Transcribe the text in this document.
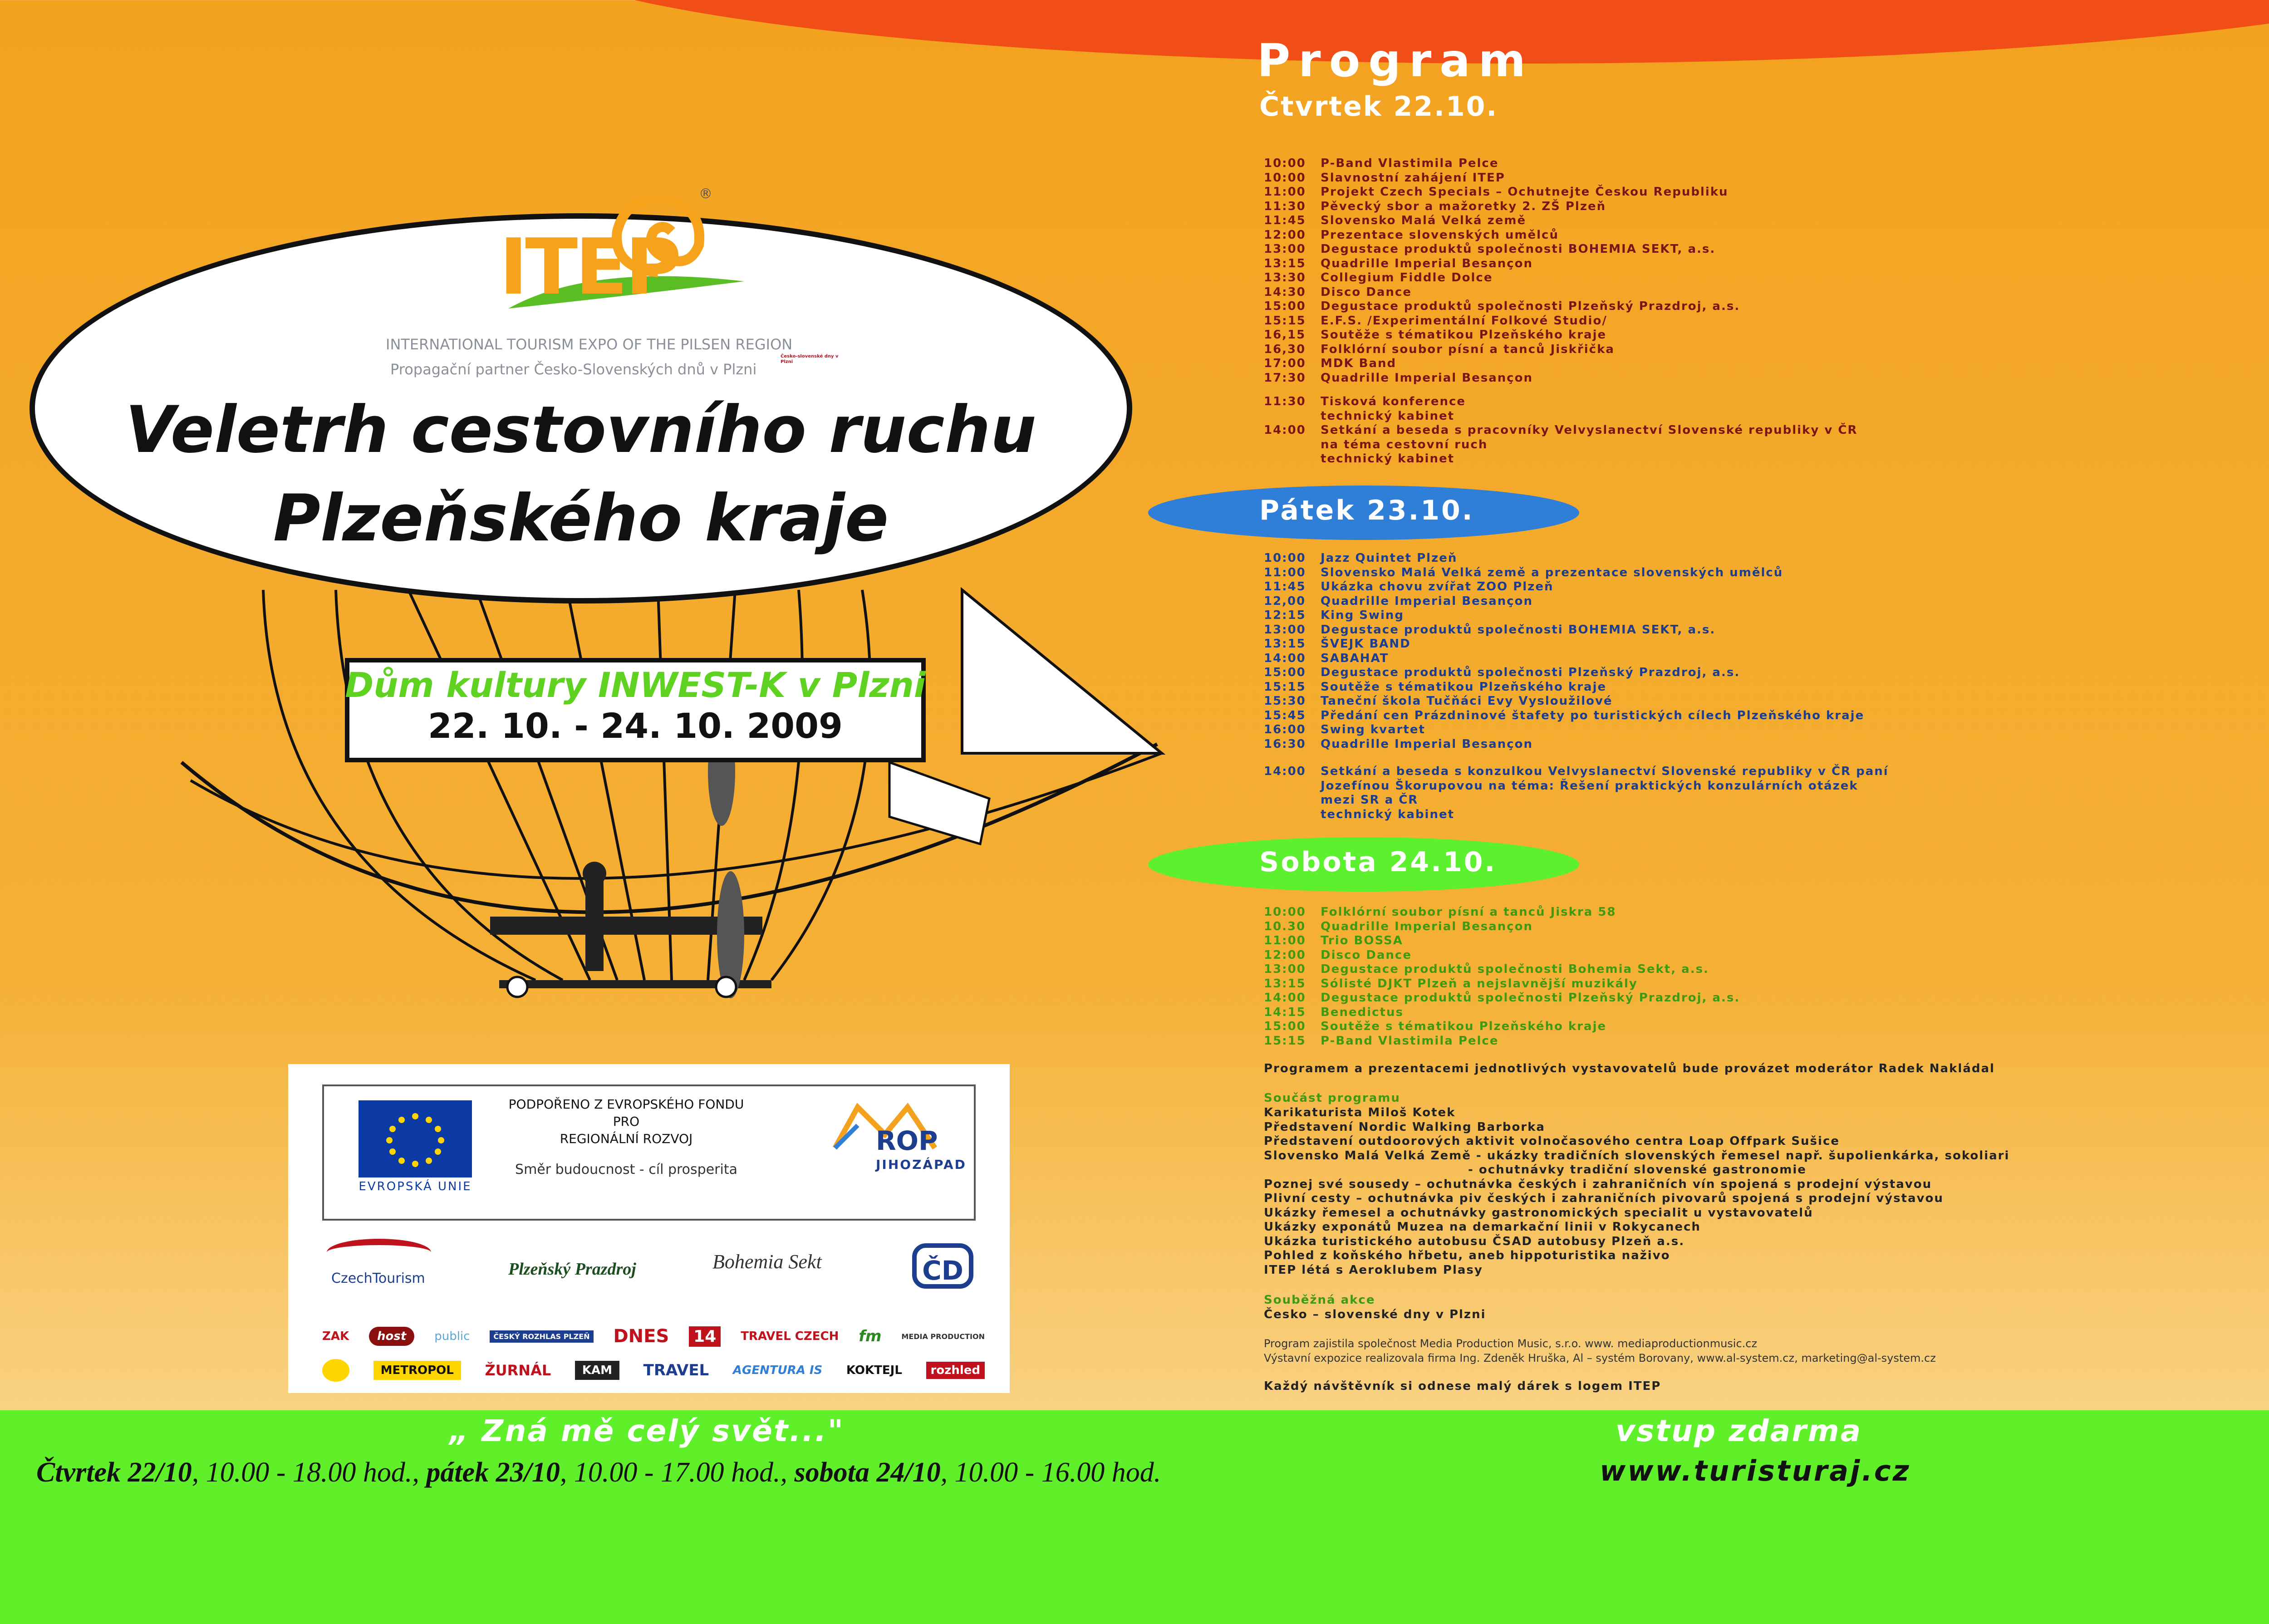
ITEP
®
INTERNATIONAL TOURISM EXPO OF THE PILSEN REGION
Propagační partner Česko-Slovenských dnů v Plzni
Česko-slovenské dny v Plzni
Veletrh cestovního ruchu
Plzeňského kraje
Dům kultury INWEST-K v Plzni
22. 10. - 24. 10. 2009
EVROPSKÁ UNIE
PODPOŘENO Z EVROPSKÉHO FONDU
PRO
REGIONÁLNÍ ROZVOJ
Směr budoucnost - cíl prosperita
ROP
JIHOZÁPAD
CzechTourism	Plzeňský Prazdroj	Bohemia Sekt	ČD
ZAK	host	public	ČESKÝ ROZHLAS PLZEŇ DNES 14	TRAVEL CZECH fm	MEDIA PRODUCTION
METROPOL	ŽURNÁL	KAM	TRAVEL AGENTURA IS KOKTEJL	rozhled
Program
Čtvrtek 22.10.
10:00	P-Band Vlastimila Pelce
10:00	Slavnostní zahájení ITEP
11:00	Projekt Czech Specials – Ochutnejte Českou Republiku
11:30	Pěvecký sbor a mažoretky 2. ZŠ Plzeň
11:45	Slovensko Malá Velká země
12:00	Prezentace slovenských umělců
13:00	Degustace produktů společnosti BOHEMIA SEKT, a.s.
13:15	Quadrille Imperial Besançon
13:30	Collegium Fiddle Dolce
14:30	Disco Dance
15:00	Degustace produktů společnosti Plzeňský Prazdroj, a.s.
15:15	E.F.S. /Experimentální Folkové Studio/
16,15	Soutěže s tématikou Plzeňského kraje
16,30	Folklórní soubor písní a tanců Jiskřička
17:00	MDK Band
17:30	Quadrille Imperial Besançon
11:30	Tisková konference
technický kabinet
14:00	Setkání a beseda s pracovníky Velvyslanectví Slovenské republiky v ČR
na téma cestovní ruch
technický kabinet
Pátek 23.10.
10:00	Jazz Quintet Plzeň
11:00	Slovensko Malá Velká země a prezentace slovenských umělců
11:45	Ukázka chovu zvířat ZOO Plzeň
12,00	Quadrille Imperial Besançon
12:15	King Swing
13:00	Degustace produktů společnosti BOHEMIA SEKT, a.s.
13:15	ŠVEJK BAND
14:00	SABAHAT
15:00	Degustace produktů společnosti Plzeňský Prazdroj, a.s.
15:15	Soutěže s tématikou Plzeňského kraje
15:30	Taneční škola Tučňáci Evy Vysloužilové
15:45	Předání cen Prázdninové štafety po turistických cílech Plzeňského kraje
16:00	Swing kvartet
16:30	Quadrille Imperial Besançon
14:00	Setkání a beseda s konzulkou Velvyslanectví Slovenské republiky v ČR paní
Jozefínou Škorupovou na téma: Řešení praktických konzulárních otázek
mezi SR a ČR
technický kabinet
Sobota 24.10.
10:00	Folklórní soubor písní a tanců Jiskra 58
10.30	Quadrille Imperial Besançon
11:00	Trio BOSSA
12:00	Disco Dance
13:00	Degustace produktů společnosti Bohemia Sekt, a.s.
13:15	Sólisté DJKT Plzeň a nejslavnější muzikály
14:00	Degustace produktů společnosti Plzeňský Prazdroj, a.s.
14:15	Benedictus
15:00	Soutěže s tématikou Plzeňského kraje
15:15	P-Band Vlastimila Pelce
Programem a prezentacemi jednotlivých vystavovatelů bude provázet moderátor Radek Nakládal
Součást programu
Karikaturista Miloš Kotek
Představení Nordic Walking Barborka
Představení outdoorových aktivit volnočasového centra Loap Offpark Sušice
Slovensko Malá Velká Země - ukázky tradičních slovenských řemesel např. šupolienkárka, sokoliari
- ochutnávky tradiční slovenské gastronomie
Poznej své sousedy – ochutnávka českých i zahraničních vín spojená s prodejní výstavou
Plivní cesty – ochutnávka piv českých i zahraničních pivovarů spojená s prodejní výstavou
Ukázky řemesel a ochutnávky gastronomických specialit u vystavovatelů
Ukázky exponátů Muzea na demarkační linii v Rokycanech
Ukázka turistického autobusu ČSAD autobusy Plzeň a.s.
Pohled z koňského hřbetu, aneb hippoturistika naživo
ITEP létá s Aeroklubem Plasy
Souběžná akce
Česko – slovenské dny v Plzni
Program zajistila společnost Media Production Music, s.r.o. www. mediaproductionmusic.cz
Výstavní expozice realizovala firma Ing. Zdeněk Hruška, Al – systém Borovany, www.al-system.cz, marketing@al-system.cz
Každý návštěvník si odnese malý dárek s logem ITEP
„ Zná mě celý svět..."	vstup zdarma
www.turisturaj.cz
Čtvrtek 22/10, 10.00 - 18.00 hod., pátek 23/10, 10.00 - 17.00 hod., sobota 24/10, 10.00 - 16.00 hod.
